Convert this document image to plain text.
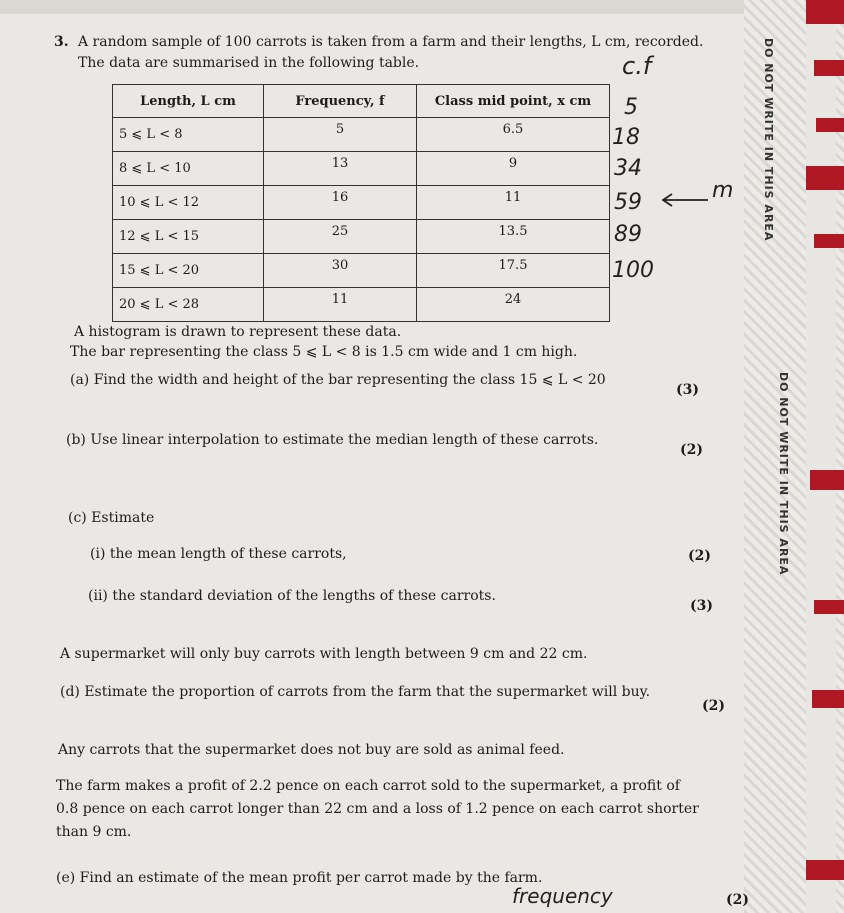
DO NOT WRITE IN THIS AREA
DO NOT WRITE IN THIS AREA
3. A random sample of 100 carrots is taken from a farm and their lengths, L cm, recorded.
The data are summarised in the following table.
Length, L cm	Frequency, f	Class mid point, x cm
5 ⩽ L < 8	5	6.5
8 ⩽ L < 10	13	9
10 ⩽ L < 12	16	11
12 ⩽ L < 15	25	13.5
15 ⩽ L < 20	30	17.5
20 ⩽ L < 28	11	24
c.f
5
18
34
59
89
100
m
A histogram is drawn to represent these data.
The bar representing the class 5 ⩽ L < 8 is 1.5 cm wide and 1 cm high.
(a) Find the width and height of the bar representing the class 15 ⩽ L < 20
(3)
(b) Use linear interpolation to estimate the median length of these carrots.
(2)
(c) Estimate
(i) the mean length of these carrots,	(2)
(ii) the standard deviation of the lengths of these carrots.
(3)
A supermarket will only buy carrots with length between 9 cm and 22 cm.
(d) Estimate the proportion of carrots from the farm that the supermarket will buy.
(2)
Any carrots that the supermarket does not buy are sold as animal feed.
The farm makes a profit of 2.2 pence on each carrot sold to the supermarket, a profit of
0.8 pence on each carrot longer than 22 cm and a loss of 1.2 pence on each carrot shorter
than 9 cm.
(e) Find an estimate of the mean profit per carrot made by the farm.
frequency	(2)
